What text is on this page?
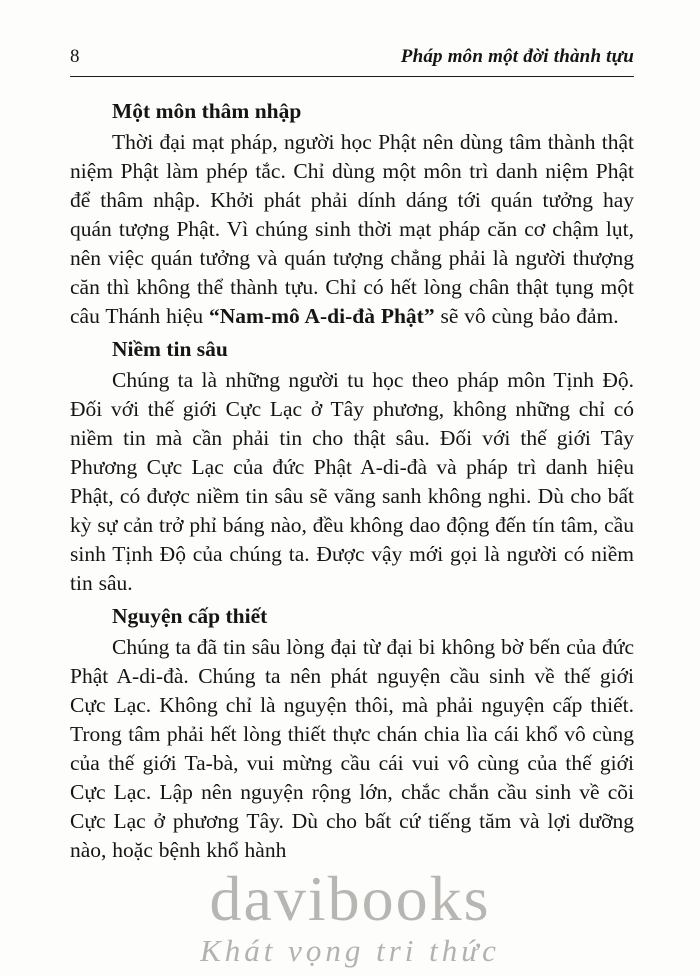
8	Pháp môn một đời thành tựu
Một môn thâm nhập

Thời đại mạt pháp, người học Phật nên dùng tâm thành thật niệm Phật làm phép tắc. Chỉ dùng một môn trì danh niệm Phật để thâm nhập. Khởi phát phải dính dáng tới quán tưởng hay quán tượng Phật. Vì chúng sinh thời mạt pháp căn cơ chậm lụt, nên việc quán tưởng và quán tượng chẳng phải là người thượng căn thì không thể thành tựu. Chỉ có hết lòng chân thật tụng một câu Thánh hiệu “Nam-mô A-di-đà Phật” sẽ vô cùng bảo đảm.

Niềm tin sâu

Chúng ta là những người tu học theo pháp môn Tịnh Độ. Đối với thế giới Cực Lạc ở Tây phương, không những chỉ có niềm tin mà cần phải tin cho thật sâu. Đối với thế giới Tây Phương Cực Lạc của đức Phật A-di-đà và pháp trì danh hiệu Phật, có được niềm tin sâu sẽ vãng sanh không nghi. Dù cho bất kỳ sự cản trở phỉ báng nào, đều không dao động đến tín tâm, cầu sinh Tịnh Độ của chúng ta. Được vậy mới gọi là người có niềm tin sâu.

Nguyện cấp thiết

Chúng ta đã tin sâu lòng đại từ đại bi không bờ bến của đức Phật A-di-đà. Chúng ta nên phát nguyện cầu sinh về thế giới Cực Lạc. Không chỉ là nguyện thôi, mà phải nguyện cấp thiết. Trong tâm phải hết lòng thiết thực chán chia lìa cái khổ vô cùng của thế giới Ta-bà, vui mừng cầu cái vui vô cùng của thế giới Cực Lạc. Lập nên nguyện rộng lớn, chắc chắn cầu sinh về cõi Cực Lạc ở phương Tây. Dù cho bất cứ tiếng tăm và lợi dưỡng nào, hoặc bệnh khổ hành

davibooks
Khát vọng tri thức
